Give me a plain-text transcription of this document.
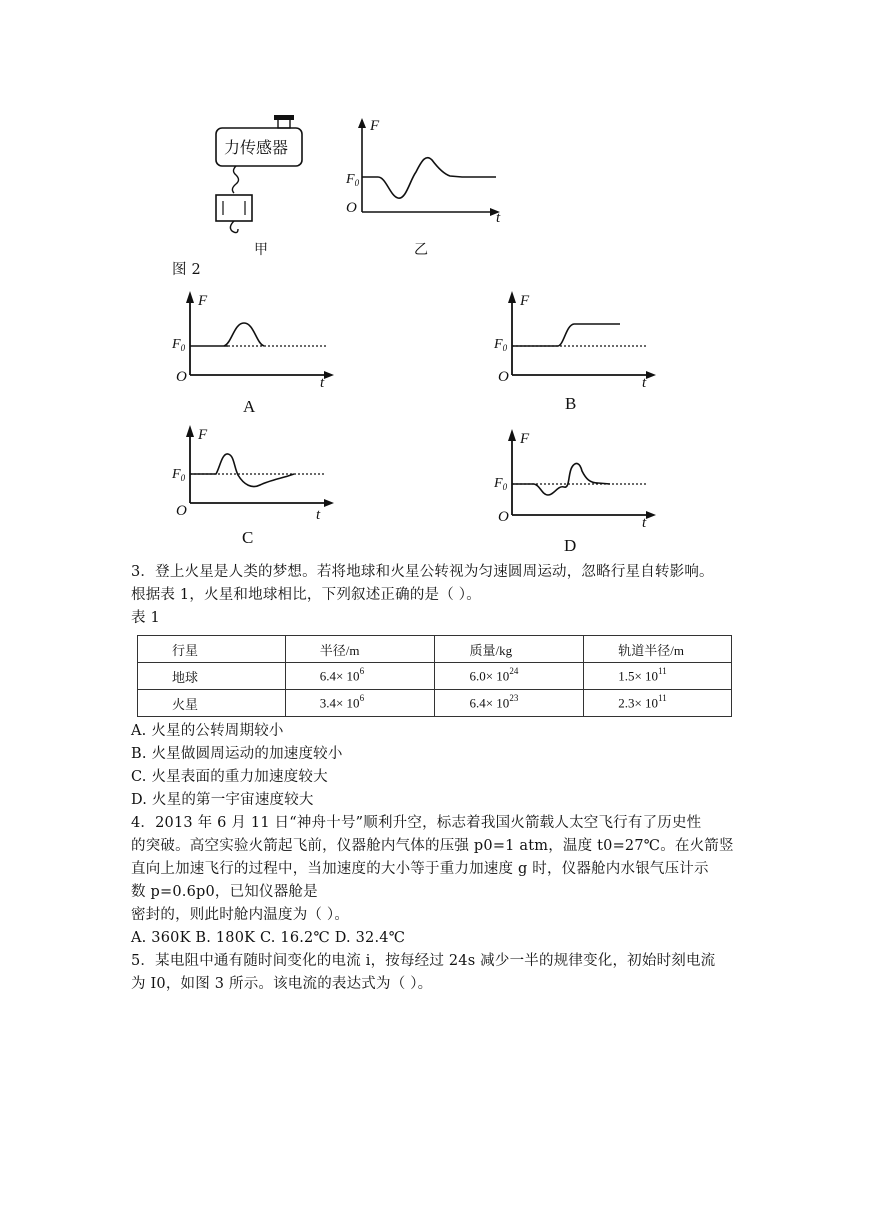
力传感器
F
$F_0$
O
t
甲	乙
图 2
F
$F_0$
O	t
A
F
$F_0$
O	t
B
F
$F_0$
O	t
C
F
$F_0$
O	t
D
3．登上火星是人类的梦想。若将地球和火星公转视为匀速圆周运动，忽略行星自转影响。
根据表 1，火星和地球相比，下列叙述正确的是（ ）。
表 1
行星	半径/m	质量/kg	轨道半径/m
地球	$6.4\times 10^6$	$6.0\times 10^{24}$	$1.5\times 10^{11}$
火星	$3.4\times 10^6$	$6.4\times 10^{23}$	$2.3\times 10^{11}$
A. 火星的公转周期较小
B. 火星做圆周运动的加速度较小
C. 火星表面的重力加速度较大
D. 火星的第一宇宙速度较大
4．2013 年 6 月 11 日“神舟十号”顺利升空，标志着我国火箭载人太空飞行有了历史性
的突破。高空实验火箭起飞前，仪器舱内气体的压强 p0=1 atm，温度 t0=27℃。在火箭竖
直向上加速飞行的过程中，当加速度的大小等于重力加速度 g 时，仪器舱内水银气压计示
数 p=0.6p0，已知仪器舱是
密封的，则此时舱内温度为（ ）。
A. 360K B. 180K C. 16.2℃ D. 32.4℃
5．某电阻中通有随时间变化的电流 i，按每经过 24s 减少一半的规律变化，初始时刻电流
为 I0，如图 3 所示。该电流的表达式为（ ）。
